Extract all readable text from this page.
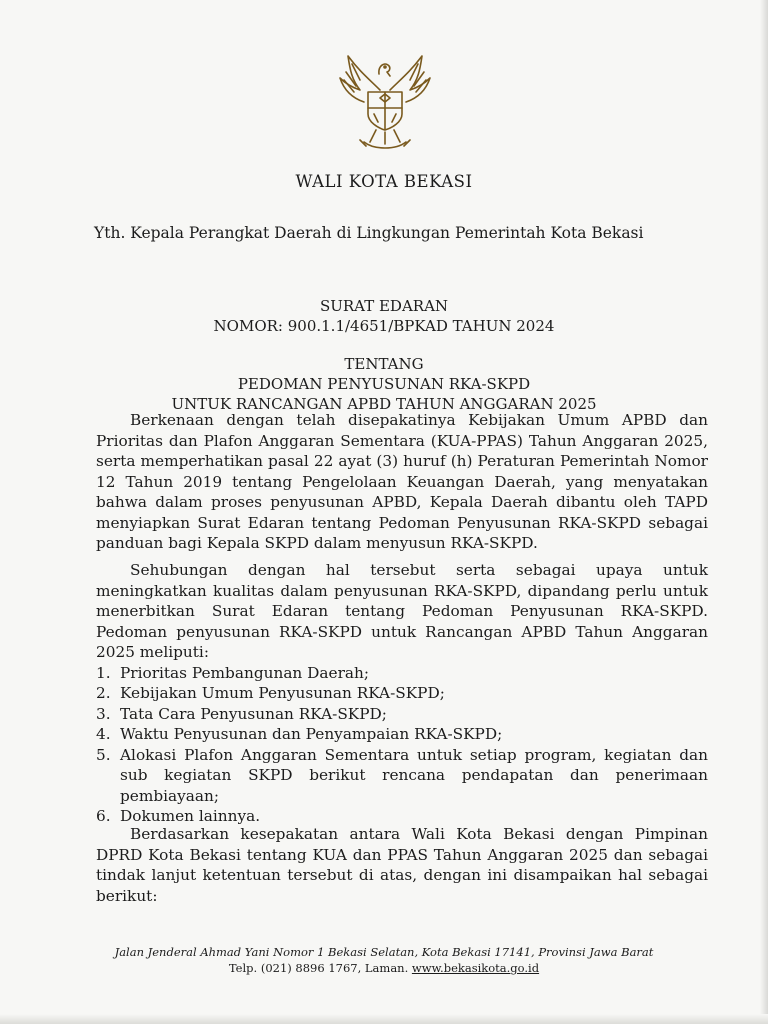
WALI KOTA BEKASI
Yth. Kepala Perangkat Daerah di Lingkungan Pemerintah Kota Bekasi
SURAT EDARAN
NOMOR: 900.1.1/4651/BPKAD TAHUN 2024
TENTANG
PEDOMAN PENYUSUNAN RKA-SKPD
UNTUK RANCANGAN APBD TAHUN ANGGARAN 2025

Berkenaan dengan telah disepakatinya Kebijakan Umum APBD dan Prioritas dan Plafon Anggaran Sementara (KUA-PPAS) Tahun Anggaran 2025, serta memperhatikan pasal 22 ayat (3) huruf (h) Peraturan Pemerintah Nomor 12 Tahun 2019 tentang Pengelolaan Keuangan Daerah, yang menyatakan bahwa dalam proses penyusunan APBD, Kepala Daerah dibantu oleh TAPD menyiapkan Surat Edaran tentang Pedoman Penyusunan RKA-SKPD sebagai panduan bagi Kepala SKPD dalam menyusun RKA-SKPD.

Sehubungan dengan hal tersebut serta sebagai upaya untuk meningkatkan kualitas dalam penyusunan RKA-SKPD, dipandang perlu untuk menerbitkan Surat Edaran tentang Pedoman Penyusunan RKA-SKPD. Pedoman penyusunan RKA-SKPD untuk Rancangan APBD Tahun Anggaran 2025 meliputi:

1. Prioritas Pembangunan Daerah;
2. Kebijakan Umum Penyusunan RKA-SKPD;
3. Tata Cara Penyusunan RKA-SKPD;
4. Waktu Penyusunan dan Penyampaian RKA-SKPD;
5. Alokasi Plafon Anggaran Sementara untuk setiap program, kegiatan dan sub kegiatan SKPD berikut rencana pendapatan dan penerimaan pembiayaan;
6. Dokumen lainnya.

Berdasarkan kesepakatan antara Wali Kota Bekasi dengan Pimpinan DPRD Kota Bekasi tentang KUA dan PPAS Tahun Anggaran 2025 dan sebagai tindak lanjut ketentuan tersebut di atas, dengan ini disampaikan hal sebagai berikut:

Jalan Jenderal Ahmad Yani Nomor 1 Bekasi Selatan, Kota Bekasi 17141, Provinsi Jawa Barat
Telp. (021) 8896 1767, Laman. www.bekasikota.go.id
